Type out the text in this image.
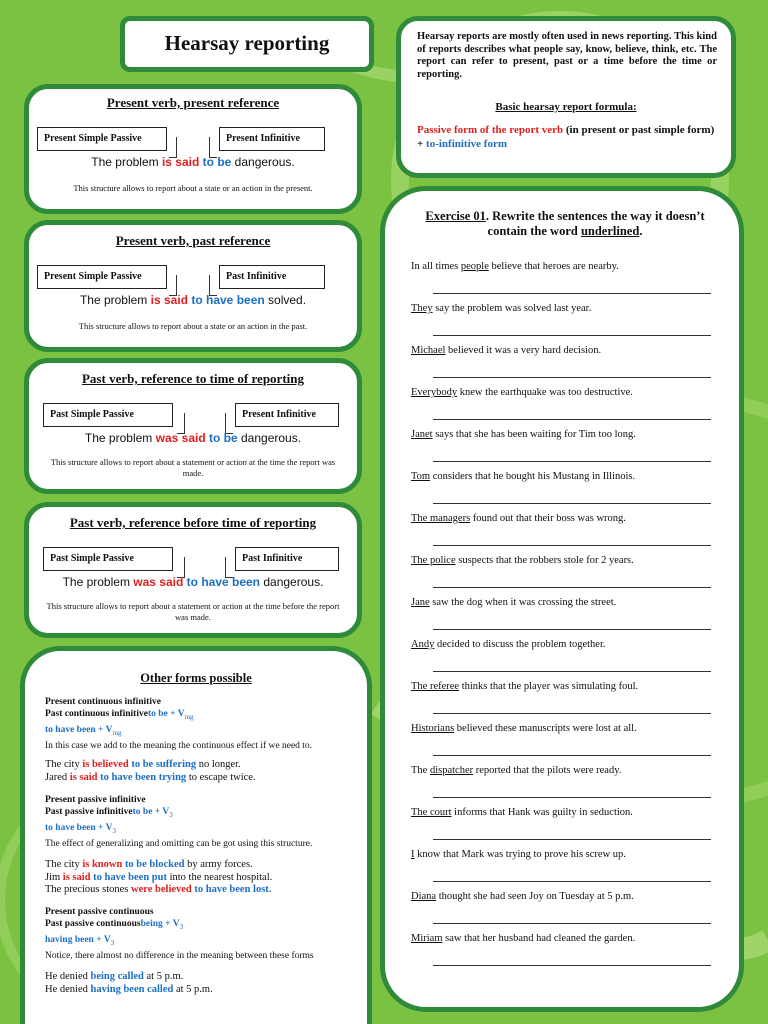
Hearsay reporting	Hearsay reports are mostly often used in news reporting. This kind of reports describes what people say, know, believe, think, etc. The report can refer to present, past or a time before the time or reporting.
Basic hearsay report formula:
Passive form of the report verb (in present or past simple form) + to-infinitive form
Present verb, present reference
Present Simple Passive	Present Infinitive
The problem is said to be dangerous.
This structure allows to report about a state or an action in the present.
Present verb, past reference
Present Simple Passive	Past Infinitive
The problem is said to have been solved.
This structure allows to report about a state or an action in the past.
Past verb, reference to time of reporting
Past Simple Passive	Present Infinitive
The problem was said to be dangerous.
This structure allows to report about a statement or action at the time the report was made.
Past verb, reference before time of reporting
Past Simple Passive	Past Infinitive
The problem was said to have been dangerous.
This structure allows to report about a statement or action at the time before the report was made.
Other forms possible
Present continuous infinitive
Past continuous infinitiveto be + $V_{ing}$
to have been + $V_{ing}$
In this case we add to the meaning the continuous effect if we need to.
The city is believed to be suffering no longer.
Jared is said to have been trying to escape twice.
Present passive infinitive
Past passive infinitiveto be + $V_3$
to have been + $V_3$
The effect of generalizing and omitting can be got using this structure.
The city is known to be blocked by army forces.
Jim is said to have been put into the nearest hospital.
The precious stones were believed to have been lost.
Present passive continuous
Past passive continuousbeing + $V_3$
having been + $V_3$
Notice, there almost no difference in the meaning between these forms
He denied being called at 5 p.m.
He denied having been called at 5 p.m.
Exercise 01. Rewrite the sentences the way it doesn’t contain the word underlined.
In all times people believe that heroes are nearby.
They say the problem was solved last year.
Michael believed it was a very hard decision.
Everybody knew the earthquake was too destructive.
Janet says that she has been waiting for Tim too long.
Tom considers that he bought his Mustang in Illinois.
The managers found out that their boss was wrong.
The police suspects that the robbers stole for 2 years.
Jane saw the dog when it was crossing the street.
Andy decided to discuss the problem together.
The referee thinks that the player was simulating foul.
Historians believed these manuscripts were lost at all.
The dispatcher reported that the pilots were ready.
The court informs that Hank was guilty in seduction.
I know that Mark was trying to prove his screw up.
Diana thought she had seen Joy on Tuesday at 5 p.m.
Miriam saw that her husband had cleaned the garden.
